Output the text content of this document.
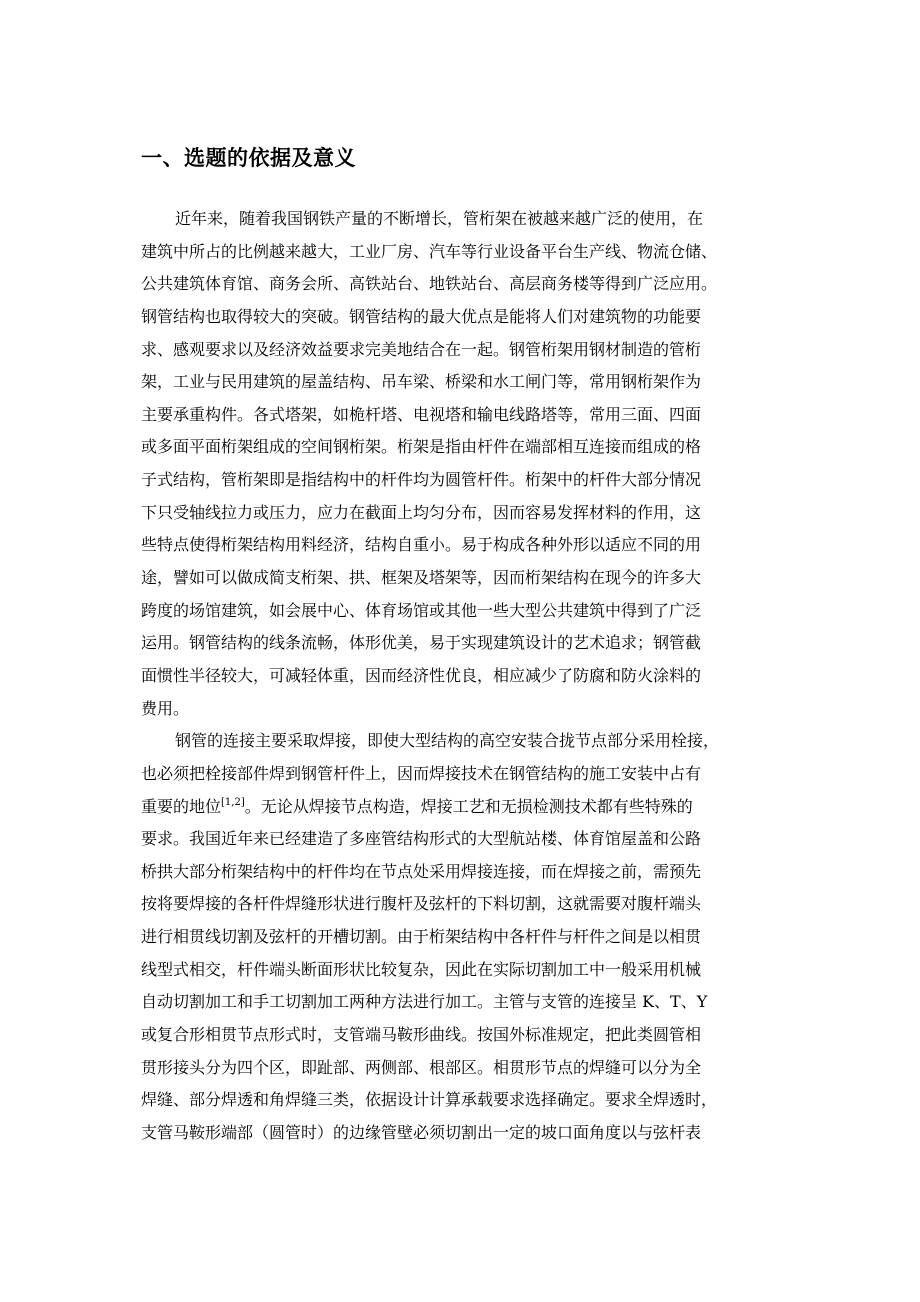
一、选题的依据及意义
近年来，随着我国钢铁产量的不断增长，管桁架在被越来越广泛的使用，在
建筑中所占的比例越来越大，工业厂房、汽车等行业设备平台生产线、物流仓储、
公共建筑体育馆、商务会所、高铁站台、地铁站台、高层商务楼等得到广泛应用。
钢管结构也取得较大的突破。钢管结构的最大优点是能将人们对建筑物的功能要
求、感观要求以及经济效益要求完美地结合在一起。钢管桁架用钢材制造的管桁
架，工业与民用建筑的屋盖结构、吊车梁、桥梁和水工闸门等，常用钢桁架作为
主要承重构件。各式塔架，如桅杆塔、电视塔和输电线路塔等，常用三面、四面
或多面平面桁架组成的空间钢桁架。桁架是指由杆件在端部相互连接而组成的格
子式结构，管桁架即是指结构中的杆件均为圆管杆件。桁架中的杆件大部分情况
下只受轴线拉力或压力，应力在截面上均匀分布，因而容易发挥材料的作用，这
些特点使得桁架结构用料经济，结构自重小。易于构成各种外形以适应不同的用
途，譬如可以做成简支桁架、拱、框架及塔架等，因而桁架结构在现今的许多大
跨度的场馆建筑，如会展中心、体育场馆或其他一些大型公共建筑中得到了广泛
运用。钢管结构的线条流畅，体形优美，易于实现建筑设计的艺术追求；钢管截
面惯性半径较大，可减轻体重，因而经济性优良，相应减少了防腐和防火涂料的
费用。
钢管的连接主要采取焊接，即使大型结构的高空安装合拢节点部分采用栓接，
也必须把栓接部件焊到钢管杆件上，因而焊接技术在钢管结构的施工安装中占有
重要的地位[1,2]。无论从焊接节点构造，焊接工艺和无损检测技术都有些特殊的
要求。我国近年来已经建造了多座管结构形式的大型航站楼、体育馆屋盖和公路
桥拱大部分桁架结构中的杆件均在节点处采用焊接连接，而在焊接之前，需预先
按将要焊接的各杆件焊缝形状进行腹杆及弦杆的下料切割，这就需要对腹杆端头
进行相贯线切割及弦杆的开槽切割。由于桁架结构中各杆件与杆件之间是以相贯
线型式相交，杆件端头断面形状比较复杂，因此在实际切割加工中一般采用机械
自动切割加工和手工切割加工两种方法进行加工。主管与支管的连接呈 K、T、Y
或复合形相贯节点形式时，支管端马鞍形曲线。按国外标准规定，把此类圆管相
贯形接头分为四个区，即趾部、两侧部、根部区。相贯形节点的焊缝可以分为全
焊缝、部分焊透和角焊缝三类，依据设计计算承载要求选择确定。要求全焊透时，
支管马鞍形端部（圆管时）的边缘管壁必须切割出一定的坡口面角度以与弦杆表
